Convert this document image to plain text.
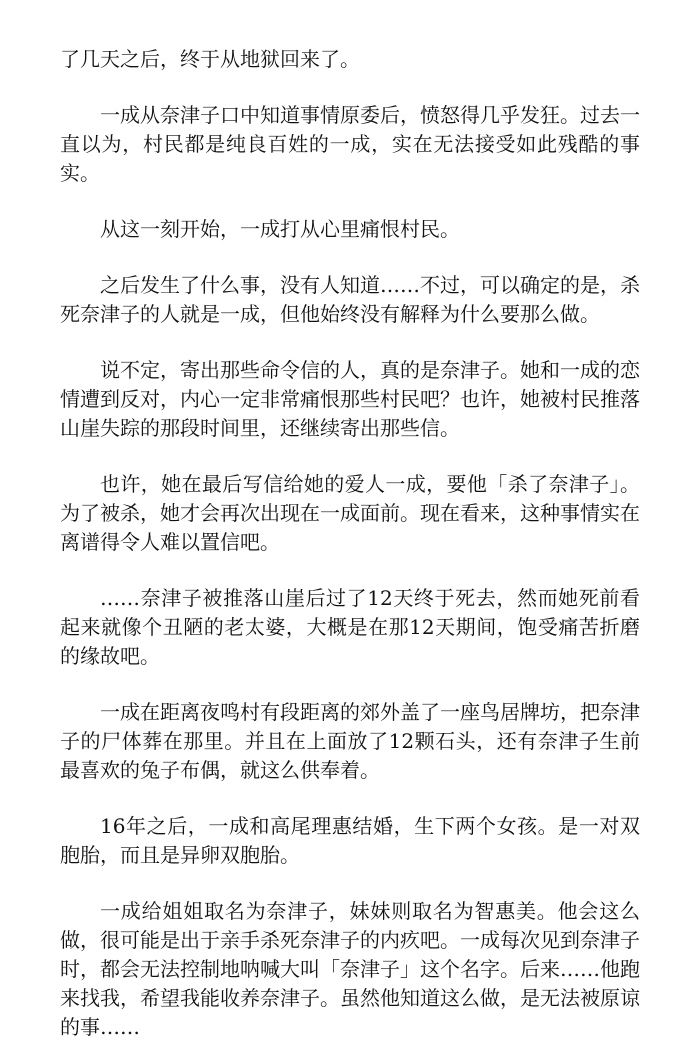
了几天之后，终于从地狱回来了。

一成从奈津子口中知道事情原委后，愤怒得几乎发狂。过去一直以为，村民都是纯良百姓的一成，实在无法接受如此残酷的事实。

从这一刻开始，一成打从心里痛恨村民。

之后发生了什么事，没有人知道……不过，可以确定的是，杀死奈津子的人就是一成，但他始终没有解释为什么要那么做。

说不定，寄出那些命令信的人，真的是奈津子。她和一成的恋情遭到反对，内心一定非常痛恨那些村民吧？也许，她被村民推落山崖失踪的那段时间里，还继续寄出那些信。

也许，她在最后写信给她的爱人一成，要他「杀了奈津子」。为了被杀，她才会再次出现在一成面前。现在看来，这种事情实在离谱得令人难以置信吧。

……奈津子被推落山崖后过了12天终于死去，然而她死前看起来就像个丑陋的老太婆，大概是在那12天期间，饱受痛苦折磨的缘故吧。

一成在距离夜鸣村有段距离的郊外盖了一座鸟居牌坊，把奈津子的尸体葬在那里。并且在上面放了12颗石头，还有奈津子生前最喜欢的兔子布偶，就这么供奉着。

16年之后，一成和高尾理惠结婚，生下两个女孩。是一对双胞胎，而且是异卵双胞胎。

一成给姐姐取名为奈津子，妹妹则取名为智惠美。他会这么做，很可能是出于亲手杀死奈津子的内疚吧。一成每次见到奈津子时，都会无法控制地呐喊大叫「奈津子」这个名字。后来……他跑来找我，希望我能收养奈津子。虽然他知道这么做，是无法被原谅的事……
